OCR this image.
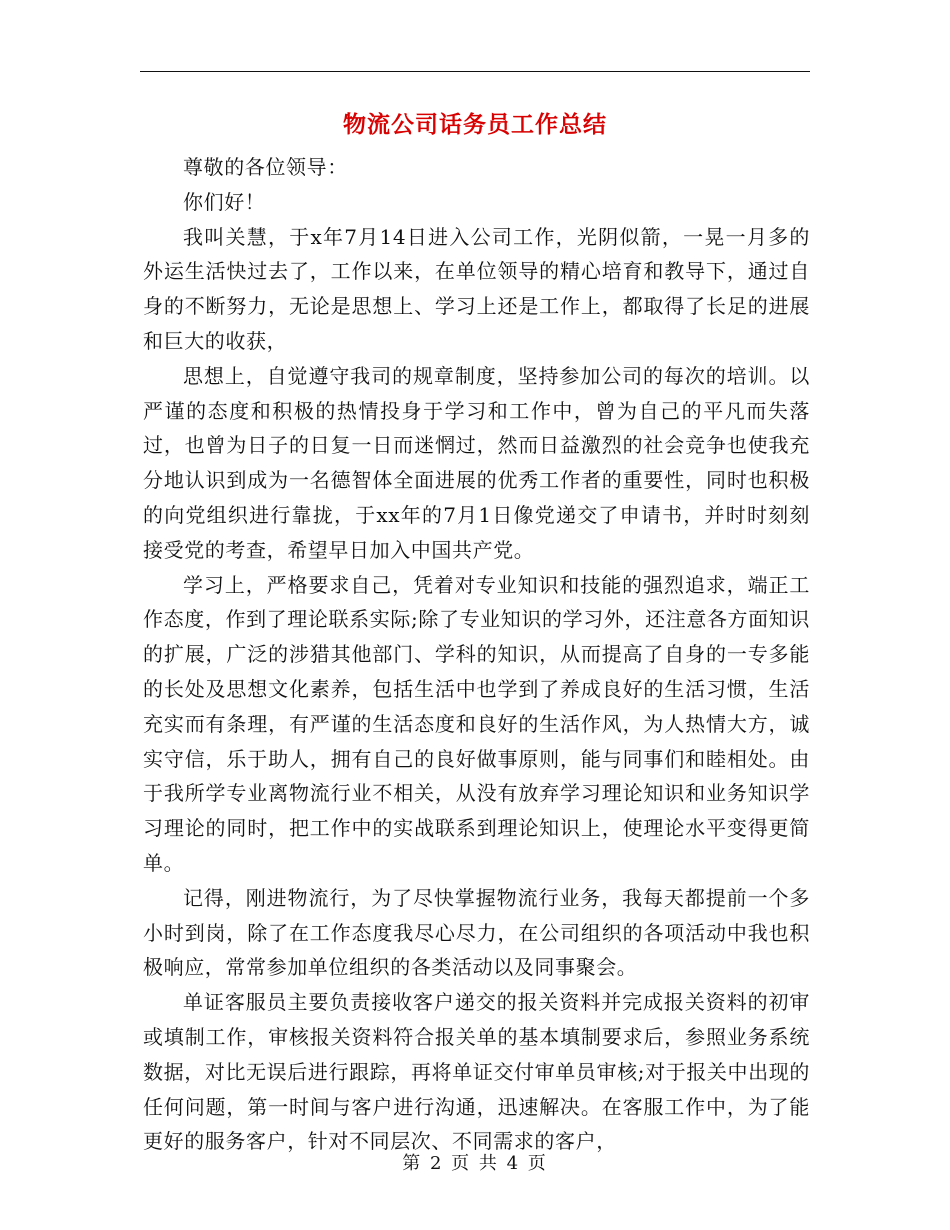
物流公司话务员工作总结

尊敬的各位领导：

你们好！

我叫关慧，于x年7月14日进入公司工作，光阴似箭，一晃一月多的外运生活快过去了，工作以来，在单位领导的精心培育和教导下，通过自身的不断努力，无论是思想上、学习上还是工作上，都取得了长足的进展和巨大的收获，

思想上，自觉遵守我司的规章制度，坚持参加公司的每次的培训。以严谨的态度和积极的热情投身于学习和工作中，曾为自己的平凡而失落过，也曾为日子的日复一日而迷惘过，然而日益激烈的社会竞争也使我充分地认识到成为一名德智体全面进展的优秀工作者的重要性，同时也积极的向党组织进行靠拢，于xx年的7月1日像党递交了申请书，并时时刻刻接受党的考查，希望早日加入中国共产党。

学习上，严格要求自己，凭着对专业知识和技能的强烈追求，端正工作态度，作到了理论联系实际;除了专业知识的学习外，还注意各方面知识的扩展，广泛的涉猎其他部门、学科的知识，从而提高了自身的一专多能的长处及思想文化素养，包括生活中也学到了养成良好的生活习惯，生活充实而有条理，有严谨的生活态度和良好的生活作风，为人热情大方，诚实守信，乐于助人，拥有自己的良好做事原则，能与同事们和睦相处。由于我所学专业离物流行业不相关，从没有放弃学习理论知识和业务知识学习理论的同时，把工作中的实战联系到理论知识上，使理论水平变得更简单。

记得，刚进物流行，为了尽快掌握物流行业务，我每天都提前一个多小时到岗，除了在工作态度我尽心尽力，在公司组织的各项活动中我也积极响应，常常参加单位组织的各类活动以及同事聚会。

单证客服员主要负责接收客户递交的报关资料并完成报关资料的初审或填制工作，审核报关资料符合报关单的基本填制要求后，参照业务系统数据，对比无误后进行跟踪，再将单证交付审单员审核;对于报关中出现的任何问题，第一时间与客户进行沟通，迅速解决。在客服工作中，为了能更好的服务客户，针对不同层次、不同需求的客户，

第 2 页 共 4 页
